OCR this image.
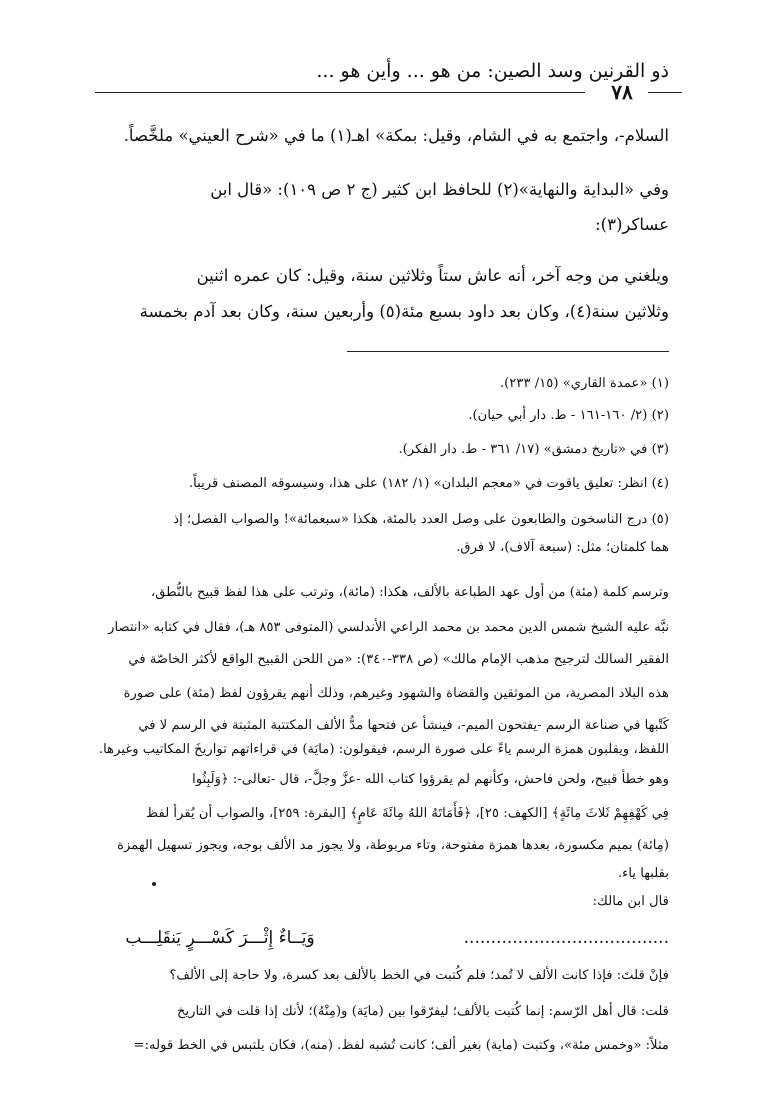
ذو القرنين وسد الصين: من هو ... وأين هو ...
٧٨
السلام-، واجتمع به في الشام، وقيل: بمكة» اهـ(١) ما في «شرح العيني» ملخَّصاً.
وفي «البداية والنهاية»(٢) للحافظ ابن كثير (ج ٢ ص ١٠٩): «قال ابن
عساكر(٣):
ويلغني من وجه آخر، أنه عاش ستاً وثلاثين سنة، وقيل: كان عمره اثنين
وثلاثين سنة(٤)، وكان بعد داود بسبع مئة(٥) وأربعين سنة، وكان بعد آدم بخمسة
(١) «عمدة القاري» (١٥/ ٢٣٣).
(٢) (٢/ ١٦٠-١٦١ - ط. دار أبي حيان).
(٣) في «تاريخ دمشق» (١٧/ ٣٦١ - ط. دار الفكر).
(٤) انظر: تعليق ياقوت في «معجم البلدان» (١/ ١٨٢) على هذا، وسيسوقه المصنف قريباً.
(٥) درج الناسخون والطابعون على وصل العدد بالمئة، هكذا «سبعمائة»! والصواب الفصل؛ إذ
هما كلمتان؛ مثل: (سبعة آلاف)، لا فرق.
وترسم كلمة (مئة) من أول عهد الطباعة بالألف، هكذا: (مائة)، وترتب على هذا لفظ قبيح بالنُّطق،
نبَّه عليه الشيخ شمس الدين محمد بن محمد الراعي الأندلسي (المتوفى ٨٥٣ هـ)، فقال في كتابه «انتصار
الفقير السالك لترجيح مذهب الإمام مالك» (ص ٣٣٨-٣٤٠): «من اللحن القبيح الواقع لأكثر الخاصّة في
هذه البلاد المصرية، من الموثقين والقضاة والشهود وغيرهم، وذلك أنهم يقرؤون لفظ (مئة) على صورة
كَتْبها في صناعة الرسم -يفتحون الميم-، فينشأ عن فتحها مدُّ الألف المكتتبة المثبتة في الرسم لا في
اللفظ، ويقلبون همزة الرسم ياءً على صورة الرسم، فيقولون: (مايَة) في قراءاتهم تواريخَ المكاتيب وغيرها.
وهو خطأ قبيح، ولحن فاحش، وكأنهم لم يقرؤوا كتاب الله -عزَّ وجلَّ-، قال -تعالى-: ﴿وَلَبِثُوا
فِي كَهْفِهِمْ ثَلاثَ مِائَةٍ﴾ [الكهف: ٢٥]، ﴿فَأَمَاتَهُ اللهُ مِائَةَ عَامٍ﴾ [البقرة: ٢٥٩]، والصواب أن يُقرأ لفظ
(مِائة) بميم مكسورة، بعدها همزة مفتوحة، وتاء مربوطة، ولا يجوز مد الألف بوجه، ويجوز تسهيل الهمزة
بقلبها ياء.
قال ابن مالك:
......................................
وَيَــاءٌ إِثْـــرَ كَسْـــرٍ يَنقَلِـــب
فإنْ قلتَ: فإذا كانت الألف لا تُمد؛ فلم كُتبت في الخط بالألف بعد كسرة، ولا حاجة إلى الألف؟
قلت: قال أهل الرّسم: إنما كُتبت بالألف؛ ليفرّقوا بين (مايَة) و(مِنْهُ)؛ لأنك إذا قلت في التاريخ
مثلاً: «وخمس مئة»، وكتبت (ماية) بغير ألف؛ كانت تُشبه لفظ. (منه)، فكان يلتبس في الخط قوله:=
